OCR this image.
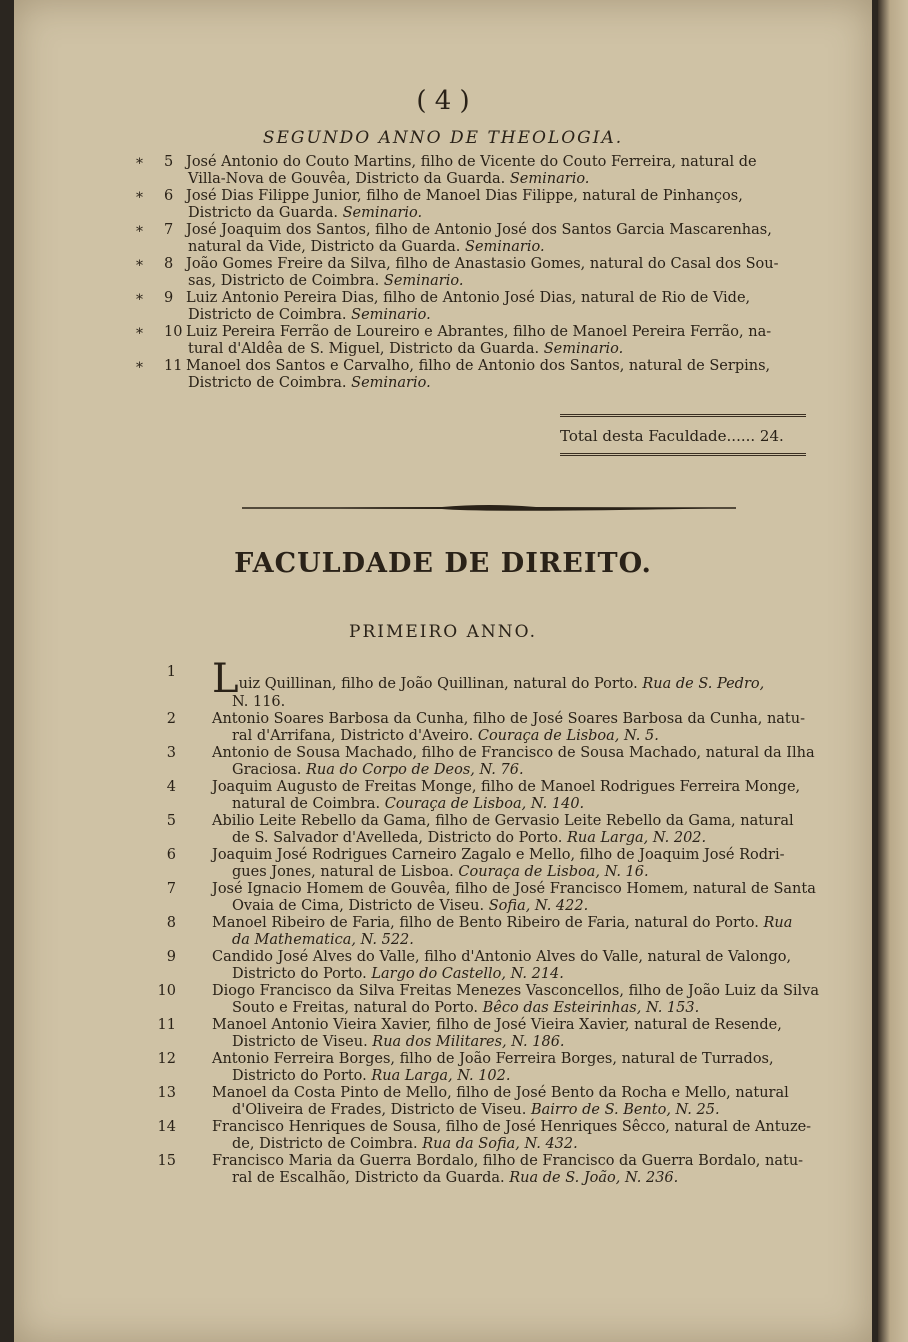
( 4 )
SEGUNDO ANNO DE THEOLOGIA.
* 5 José Antonio do Couto Martins, filho de Vicente do Couto Ferreira, natural de
Villa-Nova de Gouvêa, Districto da Guarda. Seminario.
* 6 José Dias Filippe Junior, filho de Manoel Dias Filippe, natural de Pinhanços,
Districto da Guarda. Seminario.
* 7 José Joaquim dos Santos, filho de Antonio José dos Santos Garcia Mascarenhas,
natural da Vide, Districto da Guarda. Seminario.
* 8 João Gomes Freire da Silva, filho de Anastasio Gomes, natural do Casal dos Sou-
sas, Districto de Coimbra. Seminario.
* 9 Luiz Antonio Pereira Dias, filho de Antonio José Dias, natural de Rio de Vide,
Districto de Coimbra. Seminario.
* 10 Luiz Pereira Ferrão de Loureiro e Abrantes, filho de Manoel Pereira Ferrão, na-
tural d'Aldêa de S. Miguel, Districto da Guarda. Seminario.
* 11 Manoel dos Santos e Carvalho, filho de Antonio dos Santos, natural de Serpins,
Districto de Coimbra. Seminario.
Total desta Faculdade...... 24.
FACULDADE DE DIREITO.
PRIMEIRO ANNO.
1 Luiz Quillinan, filho de João Quillinan, natural do Porto. Rua de S. Pedro,
N. 116.
2	Antonio Soares Barbosa da Cunha, filho de José Soares Barbosa da Cunha, natu-
ral d'Arrifana, Districto d'Aveiro. Couraça de Lisboa, N. 5.
3	Antonio de Sousa Machado, filho de Francisco de Sousa Machado, natural da Ilha
Graciosa. Rua do Corpo de Deos, N. 76.
4	Joaquim Augusto de Freitas Monge, filho de Manoel Rodrigues Ferreira Monge,
natural de Coimbra. Couraça de Lisboa, N. 140.
5	Abilio Leite Rebello da Gama, filho de Gervasio Leite Rebello da Gama, natural
de S. Salvador d'Avelleda, Districto do Porto. Rua Larga, N. 202.
6	Joaquim José Rodrigues Carneiro Zagalo e Mello, filho de Joaquim José Rodri-
gues Jones, natural de Lisboa. Couraça de Lisboa, N. 16.
7	José Ignacio Homem de Gouvêa, filho de José Francisco Homem, natural de Santa
Ovaia de Cima, Districto de Viseu. Sofia, N. 422.
8	Manoel Ribeiro de Faria, filho de Bento Ribeiro de Faria, natural do Porto. Rua
da Mathematica, N. 522.
9	Candido José Alves do Valle, filho d'Antonio Alves do Valle, natural de Valongo,
Districto do Porto. Largo do Castello, N. 214.
10	Diogo Francisco da Silva Freitas Menezes Vasconcellos, filho de João Luiz da Silva
Souto e Freitas, natural do Porto. Bêco das Esteirinhas, N. 153.
11	Manoel Antonio Vieira Xavier, filho de José Vieira Xavier, natural de Resende,
Districto de Viseu. Rua dos Militares, N. 186.
12	Antonio Ferreira Borges, filho de João Ferreira Borges, natural de Turrados,
Districto do Porto. Rua Larga, N. 102.
13	Manoel da Costa Pinto de Mello, filho de José Bento da Rocha e Mello, natural
d'Oliveira de Frades, Districto de Viseu. Bairro de S. Bento, N. 25.
14	Francisco Henriques de Sousa, filho de José Henriques Sêcco, natural de Antuze-
de, Districto de Coimbra. Rua da Sofia, N. 432.
15	Francisco Maria da Guerra Bordalo, filho de Francisco da Guerra Bordalo, natu-
ral de Escalhão, Districto da Guarda. Rua de S. João, N. 236.
